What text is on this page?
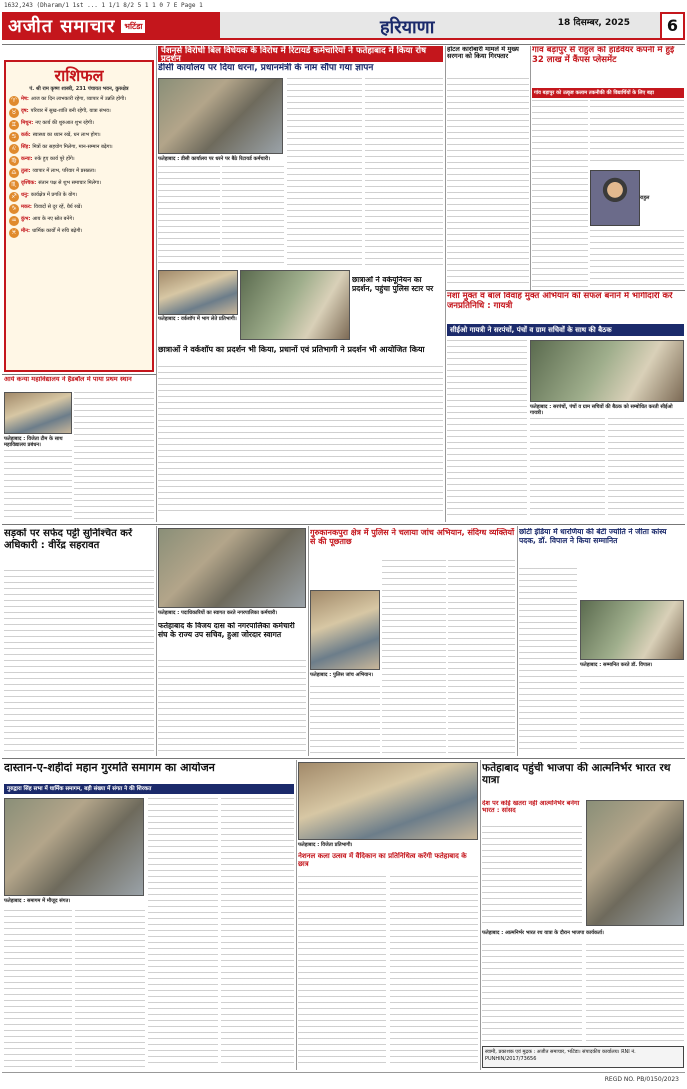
1632,243 (Dharam/1 1st ... 1 1/1 8/2 5 1 1 0 7 E Page 1
अजीत समाचार	भटिंडा	हरियाणा	18 दिसम्बर, 2025	6
राशिफल
पं. श्री राम कृष्ण शास्त्री, 231 पंचायत भवन, कुरुक्षेत्र
♈ मेष: आज का दिन लाभकारी रहेगा, व्यापार में उन्नति होगी।
♉ वृष: परिवार में सुख-शांति बनी रहेगी, यात्रा संभव।
♊ मिथुन: नए कार्य की शुरुआत शुभ रहेगी।
♋ कर्क: स्वास्थ्य का ध्यान रखें, धन लाभ होगा।
♌ सिंह: मित्रों का सहयोग मिलेगा, मान-सम्मान बढ़ेगा।
♍ कन्या: रुके हुए कार्य पूरे होंगे।
♎ तुला: व्यापार में लाभ, परिवार में प्रसन्नता।
♏ वृश्चिक: संतान पक्ष से शुभ समाचार मिलेगा।
♐ धनु: कार्यक्षेत्र में प्रगति के योग।
♑ मकर: विवादों से दूर रहें, धैर्य रखें।
♒ कुंभ: आय के नए स्रोत बनेंगे।
♓ मीन: धार्मिक कार्यों में रुचि बढ़ेगी।
पेंशनर्स विरोधी बिल विधेयक के विरोध में रिटायर्ड कर्मचारियों ने फतेहाबाद में किया रोष प्रदर्शन
डीसी कार्यालय पर दिया धरना, प्रधानमंत्री के नाम सौंपा गया ज्ञापन
फतेहाबाद : डीसी कार्यालय पर धरने पर बैठे रिटायर्ड कर्मचारी।
फतेहाबाद : वर्कशॉप में भाग लेते प्रतिभागी।
छात्राओं ने वर्कयूनियन का प्रदर्शन, पहुंचा पुलिस स्टार पर
आर्य कन्या महाविद्यालय ने हैंडबॉल में पाया प्रथम स्थान
फतेहाबाद : विजेता टीम के साथ महाविद्यालय प्रबंधन।
छात्राओं ने वर्कशॉप का प्रदर्शन भी किया, प्रधानों एवं प्रतिभागी ने प्रदर्शन भी आयोजित किया
होटल कारोबारी मामले में मुख्य सरगना को किया गिरफ्तार
गांव बड़ापुर से राहुल को हार्डवेयर कंपनी में हुई 32 लाख में कैंपस प्लेसमेंट
गांव बड़ापुर को उत्कृष्ट कलाम तकनीकी की विद्यार्थियों के लिए बड़ा
राहुल
नशा मुक्त व बाल विवाह मुक्त अभियान को सफल बनाने में भागीदारी करें जनप्रतिनिधि : गायत्री
सीईओ गायत्री ने सरपंचों, पंचों व ग्राम सचिवों के साथ की बैठक
फतेहाबाद : सरपंचों, पंचों व ग्राम सचिवों की बैठक को सम्बोधित करती सीईओ गायत्री।
सड़कों पर सफेद पट्टी सुनिश्चित करें अधिकारी : वीरेंद्र सहरावत
फतेहाबाद : पदाधिकारियों का स्वागत करते नगरपालिका कर्मचारी।
फतेहाबाद के विजय दास को नगरपालिका कर्मचारी संघ के राज्य उप सचिव, हुआ जोरदार स्वागत
गुरुकानकपुरा क्षेत्र में पुलिस ने चलाया जांच अभियान, संदिग्ध व्यक्तियों से की पूछताछ
फतेहाबाद : पुलिस जांच अभियान।
छोटी इंडिया में धारणिया की बेटी ज्योति ने जीता कांस्य पदक, डॉ. विपाल ने किया सम्मानित
फतेहाबाद : सम्मानित करते डॉ. विपाल।
दास्तान-ए-शहीदां महान गुरमति समागम का आयोजन
गुरुद्वारा सिंह सभा में धार्मिक समागम, बड़ी संख्या में संगत ने की शिरकत
फतेहाबाद : समागम में मौजूद संगत।
फतेहाबाद : विजेता प्रतिभागी।
नेशनल कला उत्सव में वैदिकान का प्रतिनिधित्व करेंगी फतेहाबाद के छात्र
फतेहाबाद पहुंची भाजपा की आत्मनिर्भर भारत रथ यात्रा
देश पर कोई खतरा नहीं आत्मनिर्भर बनेगा भारत : सांसद
फतेहाबाद : आत्मनिर्भर भारत रथ यात्रा के दौरान भाजपा कार्यकर्ता।
स्वामी, प्रकाशक एवं मुद्रक : अजीत समाचार, भटिंडा। संपादकीय कार्यालय। RNI नं. PUNHIN/2017/73656
REGD NO. PB/0150/2023
